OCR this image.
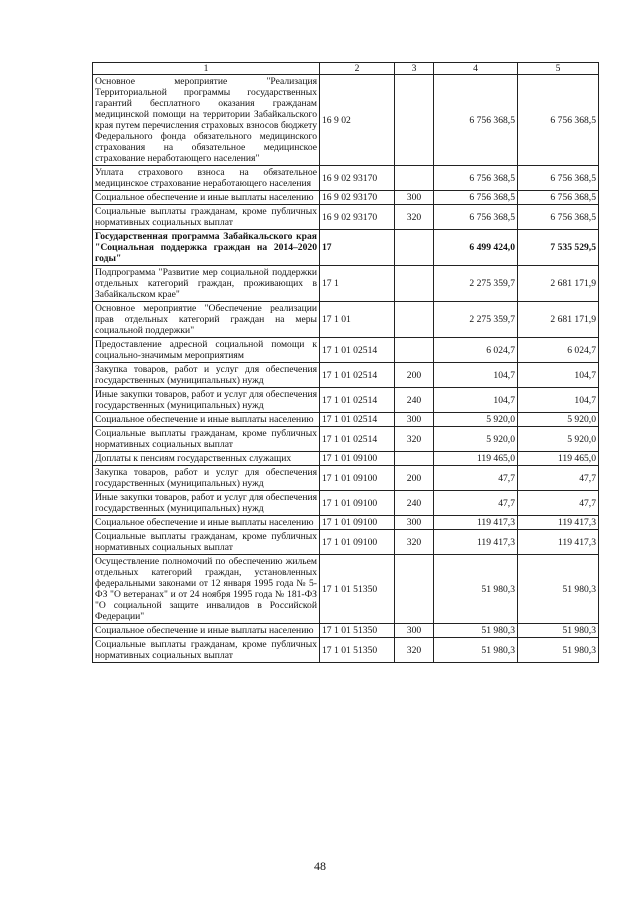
1	2	3	4	5
Основное мероприятие "Реализация Территориальной программы государственных гарантий бесплатного оказания гражданам медицинской помощи на территории Забайкальского края путем перечисления страховых взносов бюджету Федерального фонда обязательного медицинского страхования на обязательное медицинское страхование неработающего населения"	16 9 02		6 756 368,5	6 756 368,5
Уплата страхового взноса на обязательное медицинское страхование неработающего населения	16 9 02 93170		6 756 368,5	6 756 368,5
Социальное обеспечение и иные выплаты населению	16 9 02 93170	300	6 756 368,5	6 756 368,5
Социальные выплаты гражданам, кроме публичных нормативных социальных выплат	16 9 02 93170	320	6 756 368,5	6 756 368,5
Государственная программа Забайкальского края "Социальная поддержка граждан на 2014–2020 годы"	17		6 499 424,0	7 535 529,5
Подпрограмма "Развитие мер социальной поддержки отдельных категорий граждан, проживающих в Забайкальском крае"	17 1		2 275 359,7	2 681 171,9
Основное мероприятие "Обеспечение реализации прав отдельных категорий граждан на меры социальной поддержки"	17 1 01		2 275 359,7	2 681 171,9
Предоставление адресной социальной помощи к социально-значимым мероприятиям	17 1 01 02514		6 024,7	6 024,7
Закупка товаров, работ и услуг для обеспечения государственных (муниципальных) нужд	17 1 01 02514	200	104,7	104,7
Иные закупки товаров, работ и услуг для обеспечения государственных (муниципальных) нужд	17 1 01 02514	240	104,7	104,7
Социальное обеспечение и иные выплаты населению	17 1 01 02514	300	5 920,0	5 920,0
Социальные выплаты гражданам, кроме публичных нормативных социальных выплат	17 1 01 02514	320	5 920,0	5 920,0
Доплаты к пенсиям государственных служащих	17 1 01 09100		119 465,0	119 465,0
Закупка товаров, работ и услуг для обеспечения государственных (муниципальных) нужд	17 1 01 09100	200	47,7	47,7
Иные закупки товаров, работ и услуг для обеспечения государственных (муниципальных) нужд	17 1 01 09100	240	47,7	47,7
Социальное обеспечение и иные выплаты населению	17 1 01 09100	300	119 417,3	119 417,3
Социальные выплаты гражданам, кроме публичных нормативных социальных выплат	17 1 01 09100	320	119 417,3	119 417,3
Осуществление полномочий по обеспечению жильем отдельных категорий граждан, установленных федеральными законами от 12 января 1995 года № 5-ФЗ "О ветеранах" и от 24 ноября 1995 года № 181-ФЗ "О социальной защите инвалидов в Российской Федерации"	17 1 01 51350		51 980,3	51 980,3
Социальное обеспечение и иные выплаты населению	17 1 01 51350	300	51 980,3	51 980,3
Социальные выплаты гражданам, кроме публичных нормативных социальных выплат	17 1 01 51350	320	51 980,3	51 980,3
48
